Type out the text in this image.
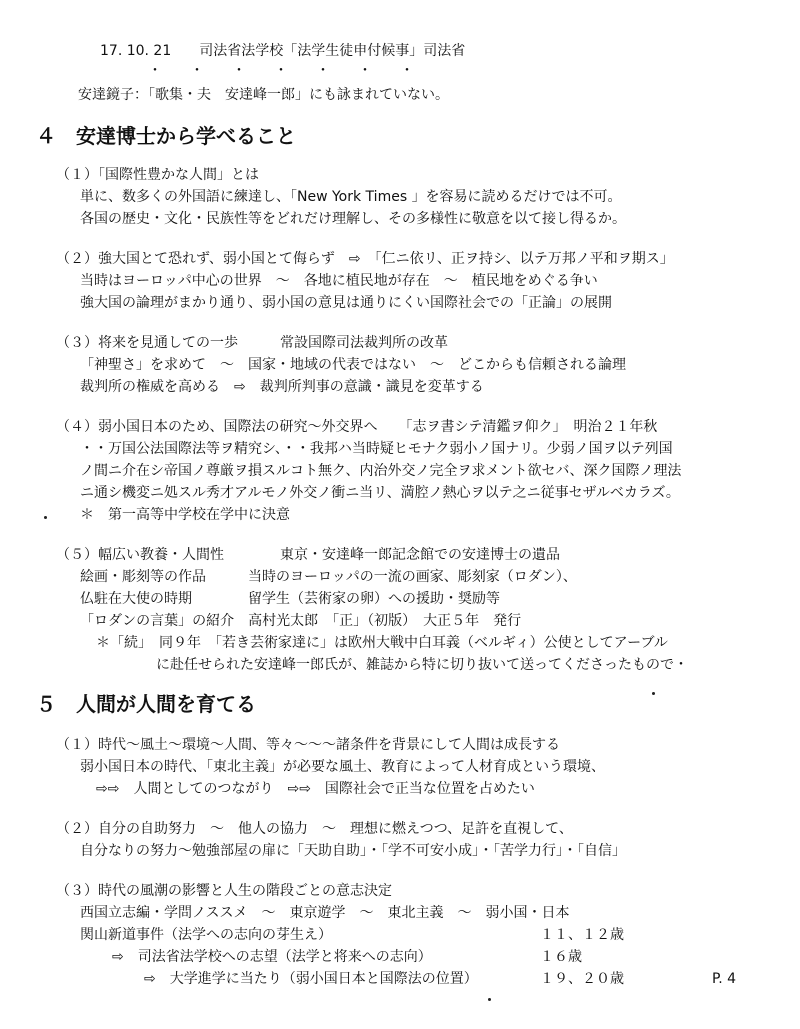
17. 10. 21　　司法省法学校「法学生徒申付候事」司法省
・　　・　　・　　・　　・　　・　　・
安達鏡子：「歌集・夫　安達峰一郎」にも詠まれていない。
４　安達博士から学べること
（１）「国際性豊かな人間」とは
単に、数多くの外国語に練達し、「New York Times 」を容易に読めるだけでは不可。
各国の歴史・文化・民族性等をどれだけ理解し、その多様性に敬意を以て接し得るか。
（２）強大国とて恐れず、弱小国とて侮らず　⇨　「仁ニ依リ、正ヲ持シ、以テ万邦ノ平和ヲ期ス」
当時はヨーロッパ中心の世界　～　各地に植民地が存在　～　植民地をめぐる争い
強大国の論理がまかり通り、弱小国の意見は通りにくい国際社会での「正論」の展開
（３）将来を見通しての一歩　　　常設国際司法裁判所の改革
「神聖さ」を求めて　～　国家・地域の代表ではない　～　どこからも信頼される論理
裁判所の権威を高める　⇨　裁判所判事の意識・識見を変革する
（４）弱小国日本のため、国際法の研究～外交界へ　　「志ヲ書シテ清鑑ヲ仰ク」　明治２１年秋
・・万国公法国際法等ヲ精究シ、・・我邦ハ当時疑ヒモナク弱小ノ国ナリ。少弱ノ国ヲ以テ列国
ノ間ニ介在シ帝国ノ尊厳ヲ損スルコト無ク、内治外交ノ完全ヲ求メント欲セバ、深ク国際ノ理法
ニ通シ機変ニ処スル秀才アルモノ外交ノ衝ニ当リ、満腔ノ熱心ヲ以テ之ニ従事セザルベカラズ。
＊　第一高等中学校在学中に決意
（５）幅広い教養・人間性　　　　東京・安達峰一郎記念館での安達博士の遺品
絵画・彫刻等の作品　　　当時のヨーロッパの一流の画家、彫刻家（ロダン）、
仏駐在大使の時期　　　　留学生（芸術家の卵）への援助・奨励等
「ロダンの言葉」の紹介　高村光太郎　「正」（初版）　大正５年　発行
＊「続」　同９年　「若き芸術家達に」は欧州大戦中白耳義（ベルギィ）公使としてアーブル
に赴任せられた安達峰一郎氏が、雑誌から特に切り抜いて送ってくださったもので・
５　人間が人間を育てる
（１）時代～風土～環境～人間、等々～～～諸条件を背景にして人間は成長する
弱小国日本の時代、「東北主義」が必要な風土、教育によって人材育成という環境、
⇨⇨　人間としてのつながり　⇨⇨　国際社会で正当な位置を占めたい
（２）自分の自助努力　～　他人の協力　～　理想に燃えつつ、足許を直視して、
自分なりの努力～勉強部屋の扉に「天助自助」・「学不可安小成」・「苦学力行」・「自信」
（３）時代の風潮の影響と人生の階段ごとの意志決定
西国立志編・学問ノススメ　～　東京遊学　～　東北主義　～　弱小国・日本
関山新道事件（法学への志向の芽生え）	１１、１２歳
⇨　司法省法学校への志望（法学と将来への志向）	１６歳
⇨　大学進学に当たり（弱小国日本と国際法の位置）	１９、２０歳	P. 4
